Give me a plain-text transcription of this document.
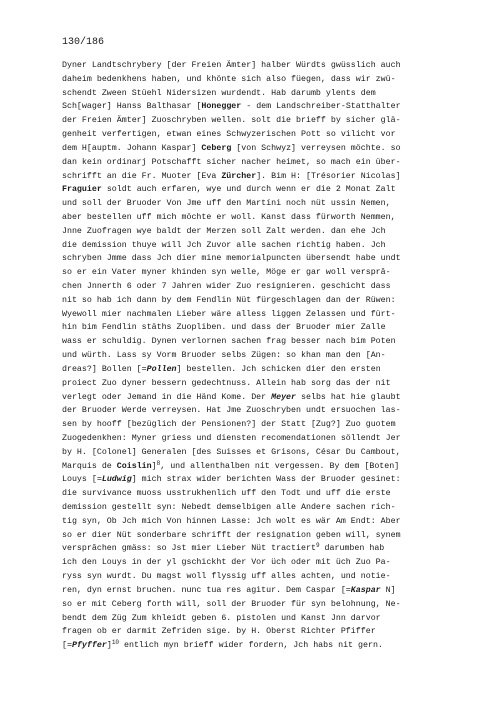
130/186
Dyner Landtschrybery [der Freien Ämter] halber Würdts gwüsslich auch
daheim bedenkhens haben, und khönte sich also füegen, dass wir zwü-
schendt Zween Stüehl Nidersizen wurdendt. Hab darumb ylents dem
Sch[wager] Hanss Balthasar [Honegger - dem Landschreiber-Statthalter
der Freien Ämter] Zuoschryben wellen. solt die brieff by sicher glä-
genheit verfertigen, etwan eines Schwyzerischen Pott so vilicht vor
dem H[auptm. Johann Kaspar] Ceberg [von Schwyz] verreysen möchte. so
dan kein ordinarj Potschafft sicher nacher heimet, so mach ein über-
schrifft an die Fr. Muoter [Eva Zürcher]. Bim H: [Trésorier Nicolas]
Fraguier soldt auch erfaren, wye und durch wenn er die 2 Monat Zalt
und soll der Bruoder Von Jme uff den Martíni noch nüt ussin Nemen,
aber bestellen uff mich möchte er woll. Kanst dass fürworth Nemmen,
Jnne Zuofragen wye baldt der Merzen soll Zalt werden. dan ehe Jch
die demission thuye will Jch Zuvor alle sachen richtig haben. Jch
schryben Jmme dass Jch dier mine memorialpuncten übersendt habe undt
so er ein Vater myner khinden syn welle, Möge er gar woll verspră-
chen Jnnerth 6 oder 7 Jahren wider Zuo resignieren. geschicht dass
nit so hab ich dann by dem Fendlin Nüt fürgeschlagen dan der Rüwen:
Wyewoll mier nachmalen Lieber wäre alless liggen Zelassen und fürt-
hin bim Fendlin stäths Zuopliben. und dass der Bruoder mier Zalle
wass er schuldig. Dynen verlornen sachen frag besser nach bim Poten
und würth. Lass sy Vorm Bruoder selbs Zügen: so khan man den [An-
dreas?] Bollen [=Pollen] bestellen. Jch schicken dier den ersten
proiect Zuo dyner bessern gedechtnuss. Allein hab sorg das der nit
verlegt oder Jemand in die Händ Kome. Der Meyer selbs hat hie glaubt
der Bruoder Werde verreysen. Hat Jme Zuoschryben undt ersuochen las-
sen by hooff [bezüglich der Pensionen?] der Statt [Zug?] Zuo guotem
Zuogedenkhen: Myner griess und diensten recomendationen söllendt Jer
by H. [Colonel] Generalen [des Suisses et Grisons, César Du Cambout,
Marquis de Coislin]$^8$, und allenthalben nit vergessen. By dem [Boten]
Louys [=Ludwig] mich strax wider berichten Wass der Bruoder gesinet:
die survivance muoss usstrukhenlich uff den Todt und uff die erste
demission gestellt syn: Nebedt demselbigen alle Andere sachen rich-
tig syn, Ob Jch mich Von hinnen Lasse: Jch wolt es wär Am Endt: Aber
so er dier Nüt sonderbare schrifft der resignation geben will, synem
versprăchen gmäss: so Jst mier Lieber Nüt tractiert$^9$ darumben hab
ich den Louys in der yl gschickht der Vor üch oder mit üch Zuo Pa-
ryss syn wurdt. Du magst woll flyssig uff alles achten, und notie-
ren, dyn ernst bruchen. nunc tua res agitur. Dem Caspar [=Kaspar N]
so er mit Ceberg forth will, soll der Bruoder für syn belohnung, Ne-
bendt dem Züg Zum khleidt geben 6. pistolen und Kanst Jnn darvor
fragen ob er darmit Zefriden sige. by H. Oberst Richter Pfiffer
[=Pfyffer]$^{10}$ entlich myn brieff wider fordern, Jch habs nit gern.
